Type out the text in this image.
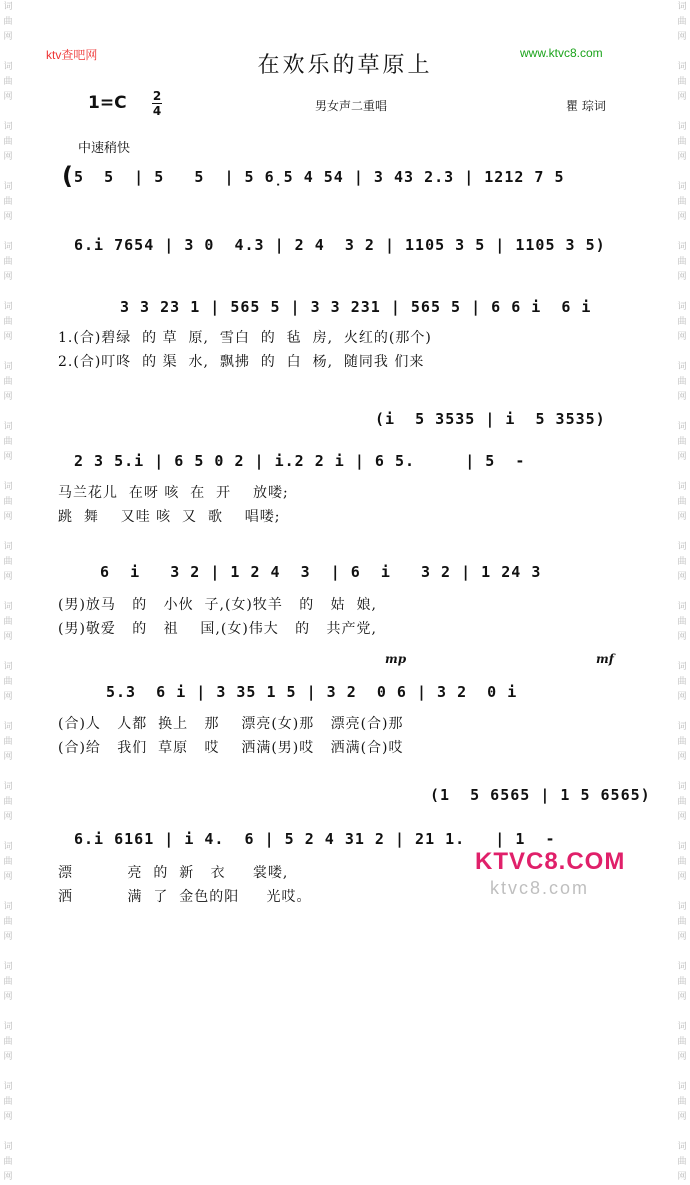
词
曲
网

词
曲
网

词
曲
网

词
曲
网

词
曲
网

词
曲
网

词
曲
网

词
曲
网

词
曲
网

词
曲
网

词
曲
网

词
曲
网

词
曲
网

词
曲
网

词
曲
网

词
曲
网

词
曲
网

词
曲
网

词
曲
网

词
曲
网

词
曲
网

词
曲
网

词
曲
网

词
曲
网

词
曲
网

词
曲
网

词
曲
网

词
曲
网

词
曲
网

词
曲
网

词
曲
网

词
曲
网

词
曲
网

词
曲
网

词
曲
网

词
曲
网

词
曲
网

词
曲
网

词
曲
网

词
曲
网

ktv查吧网	www.ktvc8.com
在欢乐的草原上
1=C 2
4	男女声二重唱	瞿 琮词
中速稍快
( 5  5  | 5   5  | 5 6̣5 4 54 | 3 43 2.3 | 1212 7 5
6.i 7654 | 3 0  4.3 | 2 4  3 2 | 1105 3 5 | 1105 3 5)
3 3 23 1 | 565 5 | 3 3 231 | 565 5 | 6 6 i  6 i
1.(合)碧绿  的 草  原,  雪白  的  毡  房,  火红的(那个)
2.(合)叮咚  的 渠  水,  飘拂  的  白  杨,  随同我 们来
(i  5 3535 | i  5 3535)
2 3 5.i | 6 5 0 2 | i.2 2 i | 6 5.     | 5  -
马兰花儿  在呀 咳  在  开    放喽;
跳  舞    又哇 咳  又  歌    唱喽;
6  i   3 2 | 1 2 4  3  | 6  i   3 2 | 1 24 3
(男)放马   的   小伙  子,(女)牧羊   的   姑  娘,
(男)敬爱   的   祖    国,(女)伟大   的   共产党,
mp	mf
5.3  6 i | 3 35 1 5 | 3 2  0 6 | 3 2  0 i
(合)人   人都  换上   那    漂亮(女)那   漂亮(合)那
(合)给   我们  草原   哎    洒满(男)哎   洒满(合)哎
(1  5 6565 | 1 5 6565)
6.i 6161 | i 4.  6 | 5 2 4 31 2 | 21 1.   | 1  -
漂          亮  的  新   衣     裳喽,
洒          满  了  金色的阳     光哎。
KTVC8.COM
ktvc8.com
